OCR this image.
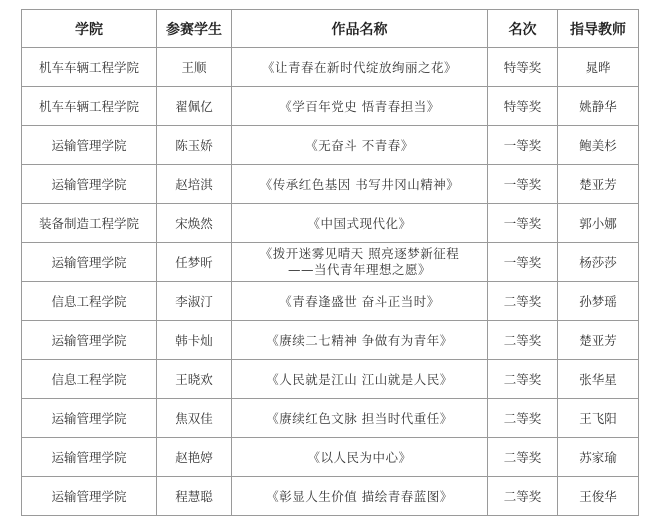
学院	参赛学生	作品名称	名次	指导教师
机车车辆工程学院	王顺	《让青春在新时代绽放绚丽之花》	特等奖	晁晔
机车车辆工程学院	翟佩亿	《学百年党史 悟青春担当》	特等奖	姚静华
运输管理学院	陈玉娇	《无奋斗 不青春》	一等奖	鲍美杉
运输管理学院	赵培淇	《传承红色基因 书写井冈山精神》	一等奖	楚亚芳
装备制造工程学院	宋焕然	《中国式现代化》	一等奖	郭小娜
运输管理学院	任梦昕	《拨开迷雾见晴天 照亮逐梦新征程
——当代青年理想之愿》	一等奖	杨莎莎
信息工程学院	李淑汀	《青春逢盛世 奋斗正当时》	二等奖	孙梦瑶
运输管理学院	韩卡灿	《赓续二七精神 争做有为青年》	二等奖	楚亚芳
信息工程学院	王晓欢	《人民就是江山 江山就是人民》	二等奖	张华星
运输管理学院	焦双佳	《赓续红色文脉 担当时代重任》	二等奖	王飞阳
运输管理学院	赵艳婷	《以人民为中心》	二等奖	苏家瑜
运输管理学院	程慧聪	《彰显人生价值 描绘青春蓝图》	二等奖	王俊华
